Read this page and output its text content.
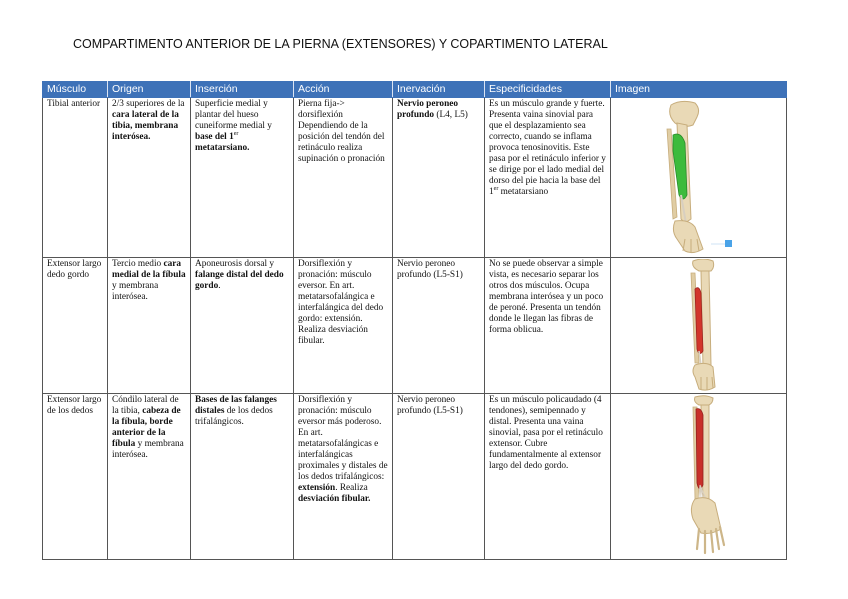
COMPARTIMENTO ANTERIOR DE LA PIERNA (EXTENSORES) Y COPARTIMENTO LATERAL
Músculo	Origen	Inserción	Acción	Inervación	Especificidades	Imagen
Tibial anterior	2/3 superiores de la cara lateral de la tibia, membrana interósea.	Superficie medial y plantar del hueso cuneiforme medial y base del 1er metatarsiano.	Pierna fija-> dorsiflexión Dependiendo de la posición del tendón del retináculo realiza supinación o pronación	Nervio peroneo profundo (L4, L5)	Es un músculo grande y fuerte. Presenta vaina sinovial para que el desplazamiento sea correcto, cuando se inflama provoca tenosinovitis. Este pasa por el retináculo inferior y se dirige por el lado medial del dorso del pie hacia la base del 1er metatarsiano	

Extensor largo dedo gordo	Tercio medio cara medial de la fíbula y membrana interósea.	Aponeurosis dorsal y falange distal del dedo gordo.	Dorsiflexión y pronación: músculo eversor. En art. metatarsofalángica e interfalángica del dedo gordo: extensión. Realiza desviación fibular.	Nervio peroneo profundo (L5-S1)	No se puede observar a simple vista, es necesario separar los otros dos músculos. Ocupa membrana interósea y un poco de peroné. Presenta un tendón donde le llegan las fibras de forma oblicua.	

Extensor largo de los dedos	Cóndilo lateral de la tibia, cabeza de la fíbula, borde anterior de la fíbula y membrana interósea.	Bases de las falanges distales de los dedos trifalángicos.	Dorsiflexión y pronación: músculo eversor más poderoso. En art. metatarsofalángicas e interfalángicas proximales y distales de los dedos trifalángicos: extensión. Realiza desviación fibular.	Nervio peroneo profundo (L5-S1)	Es un músculo policaudado (4 tendones), semipennado y distal. Presenta una vaina sinovial, pasa por el retináculo extensor. Cubre fundamentalmente al extensor largo del dedo gordo.	
